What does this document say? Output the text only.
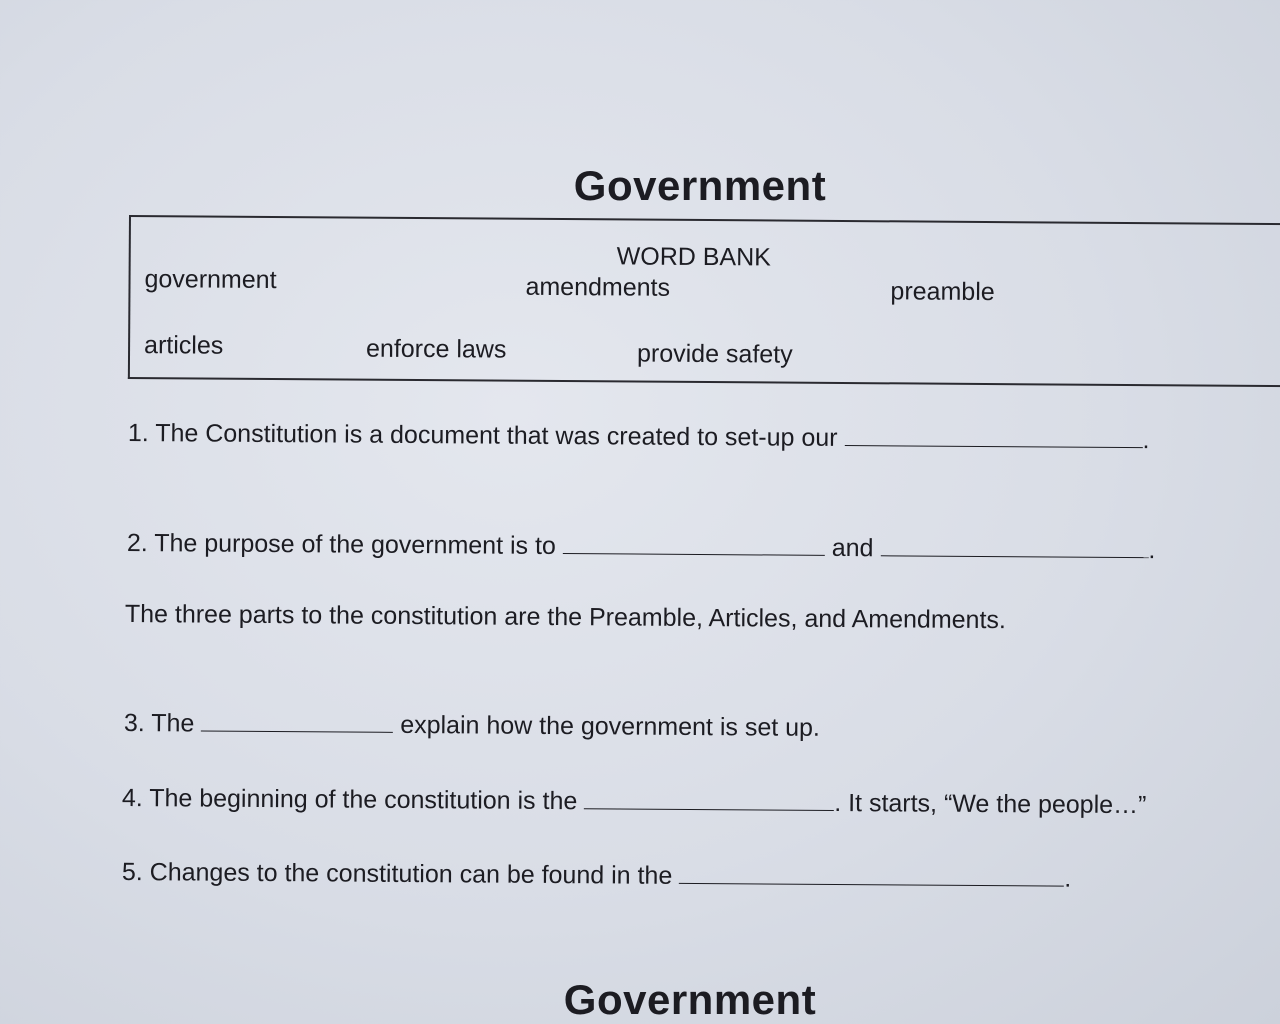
Government
WORD BANK
government	amendments	preamble
articles	enforce laws	provide safety
1. The Constitution is a document that was created to set-up our	.
2. The purpose of the government is to	and	.
The three parts to the constitution are the Preamble, Articles, and Amendments.
3. The	explain how the government is set up.
4. The beginning of the constitution is the	. It starts, “We the people…”
5. Changes to the constitution can be found in the	.
Government
